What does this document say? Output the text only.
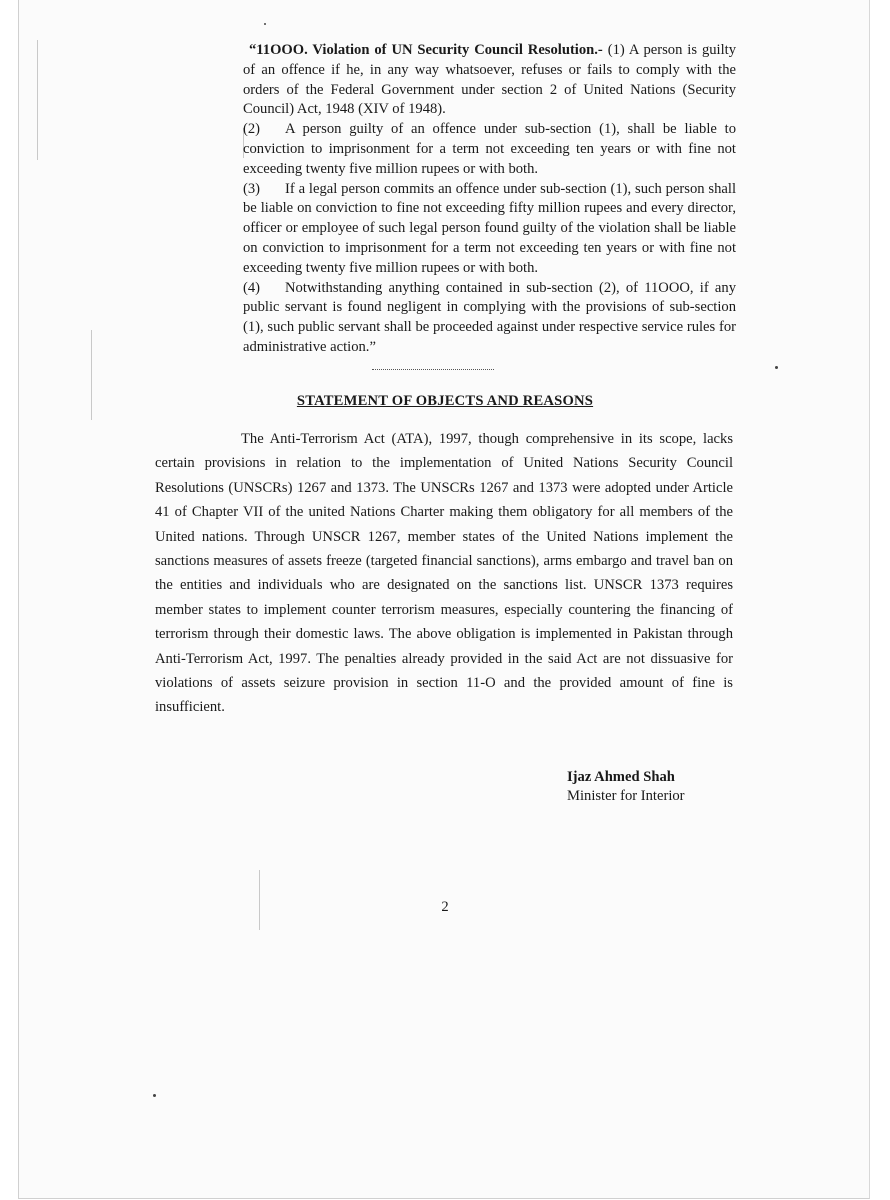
“11OOO. Violation of UN Security Council Resolution.- (1) A person is guilty of an offence if he, in any way whatsoever, refuses or fails to comply with the orders of the Federal Government under section 2 of United Nations (Security Council) Act, 1948 (XIV of 1948).

(2) A person guilty of an offence under sub-section (1), shall be liable to conviction to imprisonment for a term not exceeding ten years or with fine not exceeding twenty five million rupees or with both.

(3) If a legal person commits an offence under sub-section (1), such person shall be liable on conviction to fine not exceeding fifty million rupees and every director, officer or employee of such legal person found guilty of the violation shall be liable on conviction to imprisonment for a term not exceeding ten years or with fine not exceeding twenty five million rupees or with both.

(4) Notwithstanding anything contained in sub-section (2), of 11OOO, if any public servant is found negligent in complying with the provisions of sub-section (1), such public servant shall be proceeded against under respective service rules for administrative action.”

STATEMENT OF OBJECTS AND REASONS

The Anti-Terrorism Act (ATA), 1997, though comprehensive in its scope, lacks certain provisions in relation to the implementation of United Nations Security Council Resolutions (UNSCRs) 1267 and 1373. The UNSCRs 1267 and 1373 were adopted under Article 41 of Chapter VII of the united Nations Charter making them obligatory for all members of the United nations. Through UNSCR 1267, member states of the United Nations implement the sanctions measures of assets freeze (targeted financial sanctions), arms embargo and travel ban on the entities and individuals who are designated on the sanctions list. UNSCR 1373 requires member states to implement counter terrorism measures, especially countering the financing of terrorism through their domestic laws. The above obligation is implemented in Pakistan through Anti-Terrorism Act, 1997. The penalties already provided in the said Act are not dissuasive for violations of assets seizure provision in section 11-O and the provided amount of fine is insufficient.

Ijaz Ahmed Shah
Minister for Interior
2
